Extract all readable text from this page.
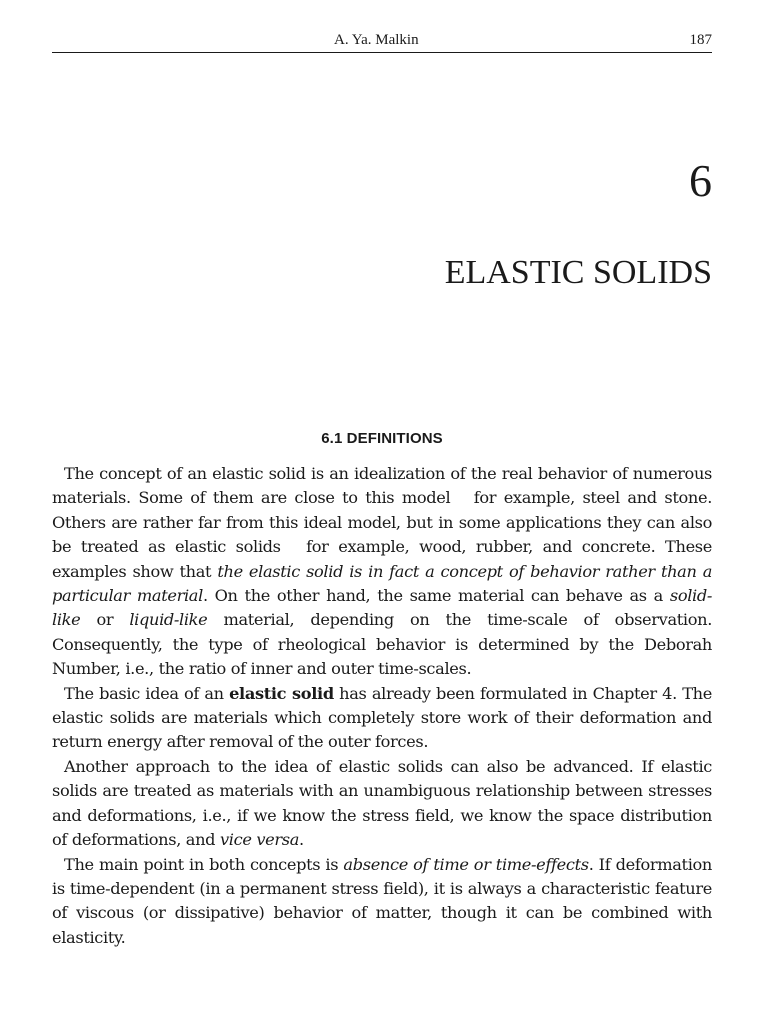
A. Ya. Malkin	187
6
ELASTIC SOLIDS
6.1 DEFINITIONS

The concept of an elastic solid is an idealization of the real behavior of numerous materials. Some of them are close to this model  for example, steel and stone. Others are rather far from this ideal model, but in some applications they can also be treated as elastic solids  for example, wood, rubber, and concrete. These examples show that the elastic solid is in fact a concept of behavior rather than a particular material. On the other hand, the same material can behave as a solid-like or liquid-like material, depending on the time-scale of observation. Consequently, the type of rheological behavior is determined by the Deborah Number, i.e., the ratio of inner and outer time-scales.

The basic idea of an elastic solid has already been formulated in Chapter 4. The elastic solids are materials which completely store work of their deformation and return energy after removal of the outer forces.

Another approach to the idea of elastic solids can also be advanced. If elastic solids are treated as materials with an unambiguous relationship between stresses and deformations, i.e., if we know the stress field, we know the space distribution of deformations, and vice versa.

The main point in both concepts is absence of time or time-effects. If deformation is time-dependent (in a permanent stress field), it is always a characteristic feature of viscous (or dissipative) behavior of matter, though it can be combined with elasticity.
